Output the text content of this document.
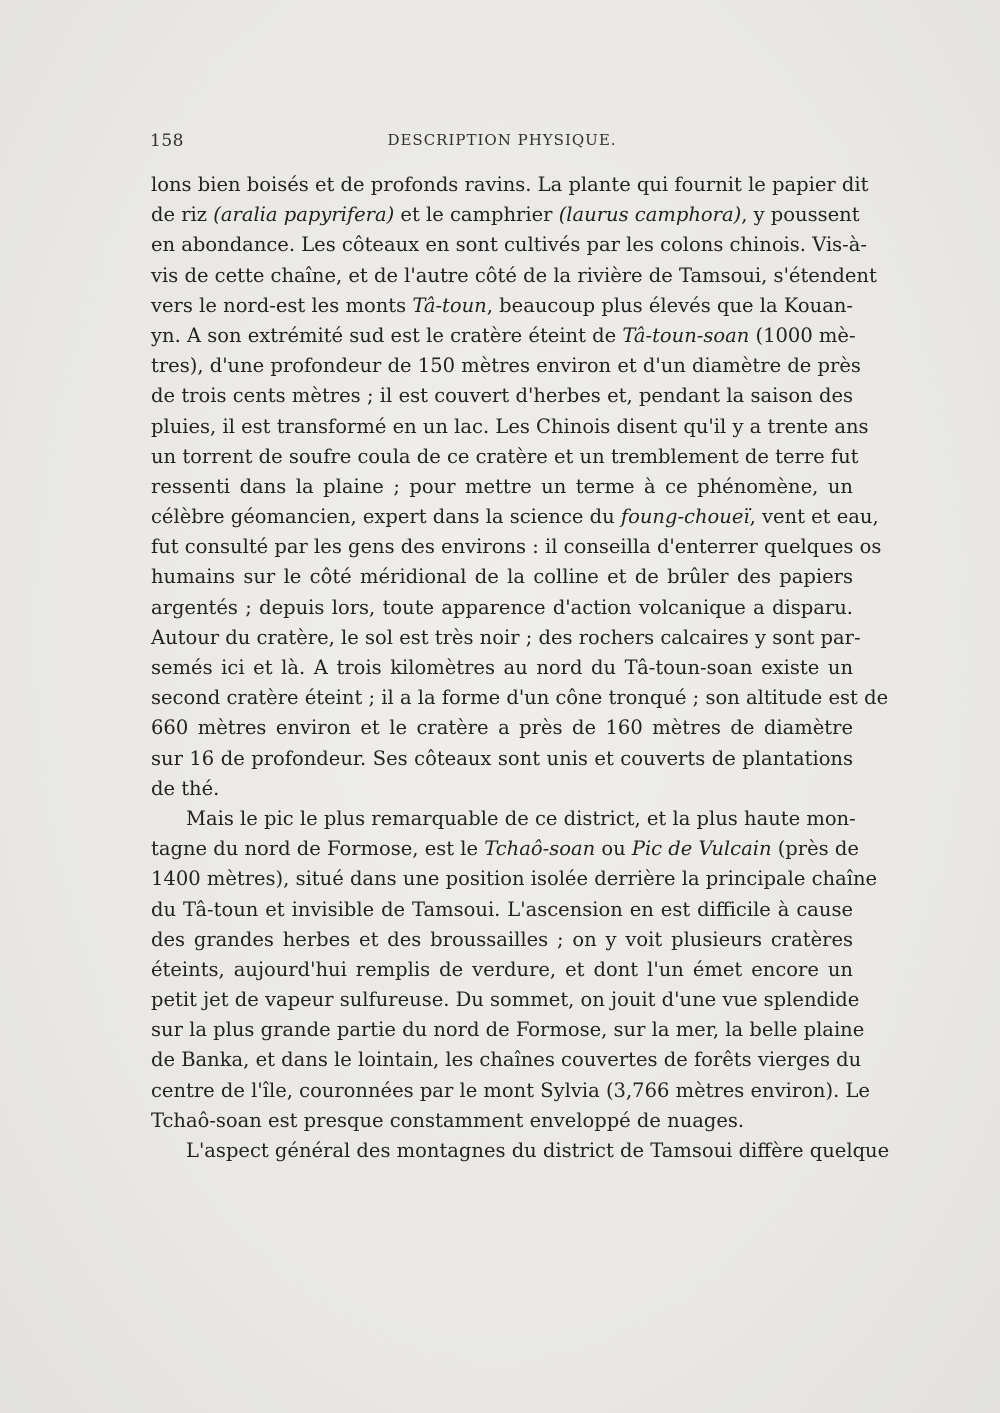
158	DESCRIPTION PHYSIQUE.
lons bien boisés et de profonds ravins. La plante qui fournit le papier dit
de riz (aralia papyrifera) et le camphrier (laurus camphora), y poussent
en abondance. Les côteaux en sont cultivés par les colons chinois. Vis-à-
vis de cette chaîne, et de l'autre côté de la rivière de Tamsoui, s'étendent
vers le nord-est les monts Tâ-toun, beaucoup plus élevés que la Kouan-
yn. A son extrémité sud est le cratère éteint de Tâ-toun-soan (1000 mè-
tres), d'une profondeur de 150 mètres environ et d'un diamètre de près
de trois cents mètres ; il est couvert d'herbes et, pendant la saison des
pluies, il est transformé en un lac. Les Chinois disent qu'il y a trente ans
un torrent de soufre coula de ce cratère et un tremblement de terre fut
ressenti dans la plaine ; pour mettre un terme à ce phénomène, un
célèbre géomancien, expert dans la science du foung-choueï, vent et eau,
fut consulté par les gens des environs : il conseilla d'enterrer quelques os
humains sur le côté méridional de la colline et de brûler des papiers
argentés ; depuis lors, toute apparence d'action volcanique a disparu.
Autour du cratère, le sol est très noir ; des rochers calcaires y sont par-
semés ici et là. A trois kilomètres au nord du Tâ-toun-soan existe un
second cratère éteint ; il a la forme d'un cône tronqué ; son altitude est de
660 mètres environ et le cratère a près de 160 mètres de diamètre
sur 16 de profondeur. Ses côteaux sont unis et couverts de plantations
de thé.
Mais le pic le plus remarquable de ce district, et la plus haute mon-
tagne du nord de Formose, est le Tchaô-soan ou Pic de Vulcain (près de
1400 mètres), situé dans une position isolée derrière la principale chaîne
du Tâ-toun et invisible de Tamsoui. L'ascension en est difficile à cause
des grandes herbes et des broussailles ; on y voit plusieurs cratères
éteints, aujourd'hui remplis de verdure, et dont l'un émet encore un
petit jet de vapeur sulfureuse. Du sommet, on jouit d'une vue splendide
sur la plus grande partie du nord de Formose, sur la mer, la belle plaine
de Banka, et dans le lointain, les chaînes couvertes de forêts vierges du
centre de l'île, couronnées par le mont Sylvia (3,766 mètres environ). Le
Tchaô-soan est presque constamment enveloppé de nuages.
L'aspect général des montagnes du district de Tamsoui diffère quelque
